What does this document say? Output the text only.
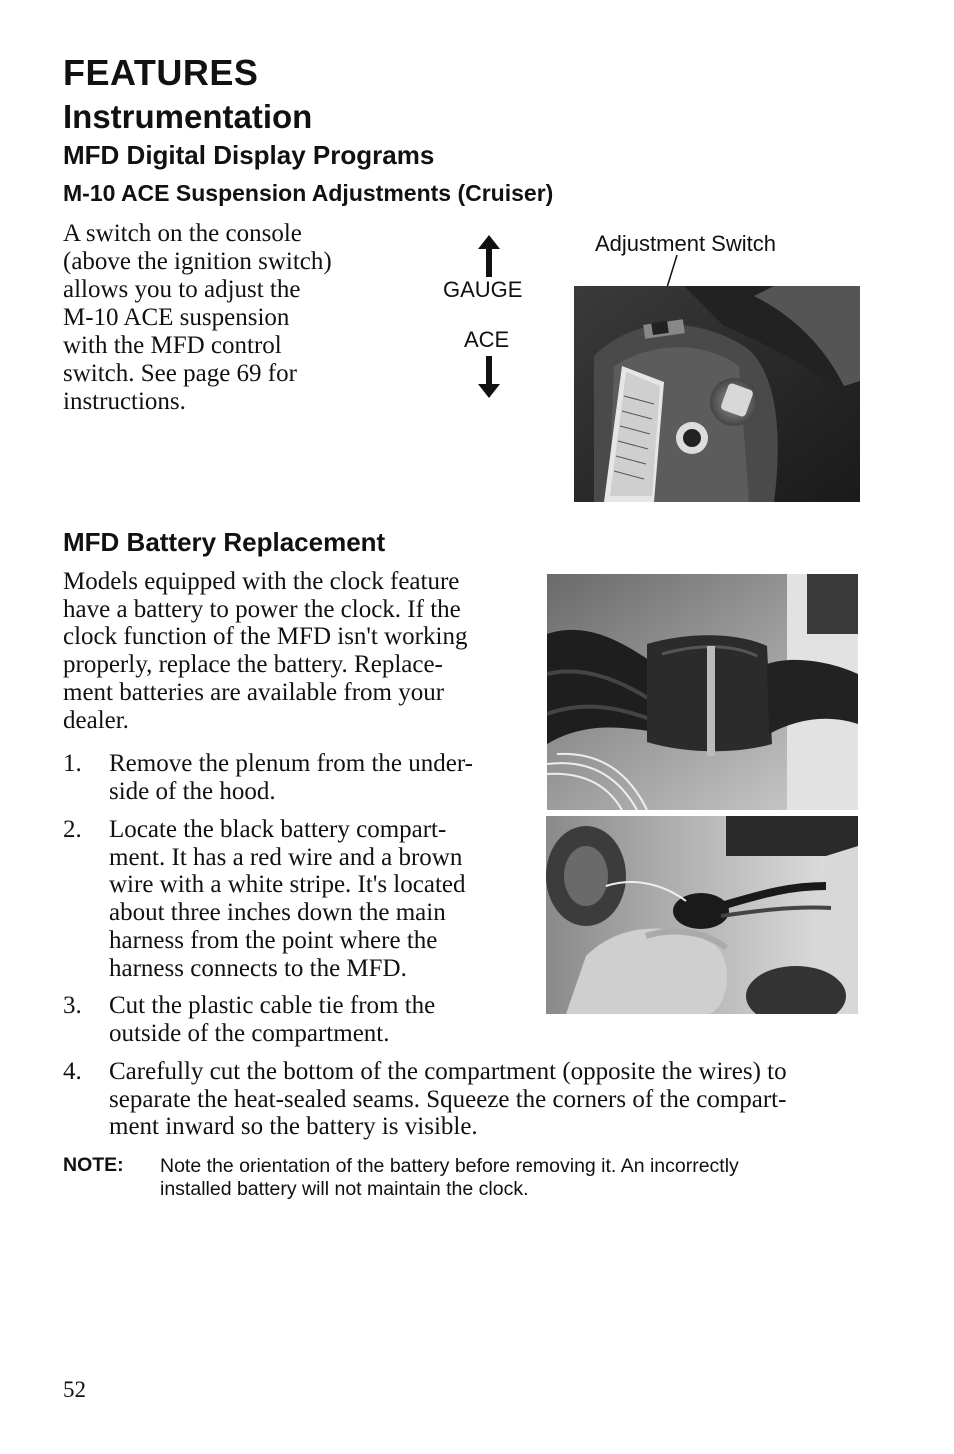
FEATURES
Instrumentation
MFD Digital Display Programs
M-10 ACE Suspension Adjustments (Cruiser)

A switch on the console
(above the ignition switch)
allows you to adjust the
M-10 ACE suspension
with the MFD control
switch. See page 69 for
instructions.

GAUGE
ACE
Adjustment Switch
MFD Battery Replacement

Models equipped with the clock feature
have a battery to power the clock. If the
clock function of the MFD isn't working
properly, replace the battery. Replace-
ment batteries are available from your
dealer.

1. Remove the plenum from the under-
side of the hood.
2. Locate the black battery compart-
ment. It has a red wire and a brown
wire with a white stripe. It's located
about three inches down the main
harness from the point where the
harness connects to the MFD.
3. Cut the plastic cable tie from the
outside of the compartment.
4. Carefully cut the bottom of the compartment (opposite the wires) to
separate the heat-sealed seams. Squeeze the corners of the compart-
ment inward so the battery is visible.
NOTE: Note the orientation of the battery before removing it. An incorrectly
installed battery will not maintain the clock.
52
